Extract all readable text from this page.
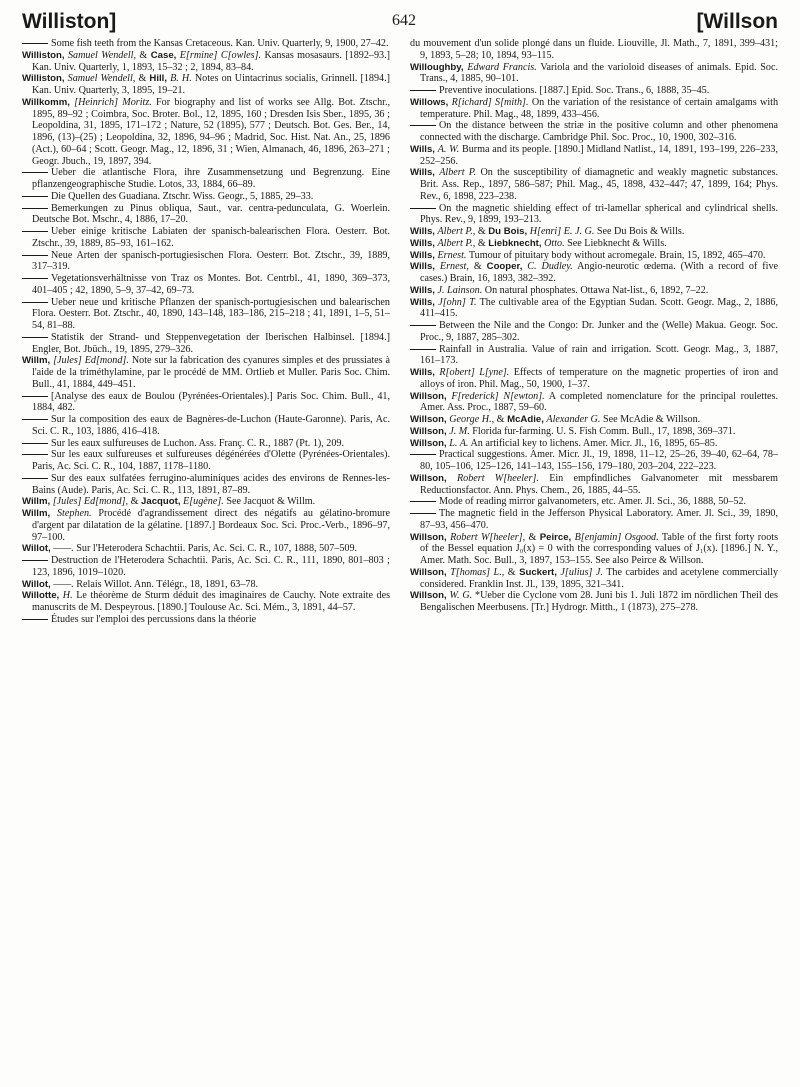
Williston]	642	[Willson

Some fish teeth from the Kansas Cretaceous. Kan. Univ. Quarterly, 9, 1900, 27–42.

Williston, Samuel Wendell, & Case, E[rmine] C[owles]. Kansas mosasaurs. [1892–93.] Kan. Univ. Quarterly, 1, 1893, 15–32 ; 2, 1894, 83–84.

Williston, Samuel Wendell, & Hill, B. H. Notes on Uintacrinus socialis, Grinnell. [1894.] Kan. Univ. Quarterly, 3, 1895, 19–21.

Willkomm, [Heinrich] Moritz. For biography and list of works see Allg. Bot. Ztschr., 1895, 89–92 ; Coimbra, Soc. Broter. Bol., 12, 1895, 160 ; Dresden Isis Sber., 1895, 36 ; Leopoldina, 31, 1895, 171–172 ; Nature, 52 (1895), 577 ; Deutsch. Bot. Ges. Ber., 14, 1896, (13)–(25) ; Leopoldina, 32, 1896, 94–96 ; Madrid, Soc. Hist. Nat. An., 25, 1896 (Act.), 60–64 ; Scott. Geogr. Mag., 12, 1896, 31 ; Wien, Almanach, 46, 1896, 263–271 ; Geogr. Jbuch., 19, 1897, 394.

Ueber die atlantische Flora, ihre Zusammensetzung und Begrenzung. Eine pflanzengeographische Studie. Lotos, 33, 1884, 66–89.

Die Quellen des Guadiana. Ztschr. Wiss. Geogr., 5, 1885, 29–33.

Bemerkungen zu Pinus obliqua, Saut., var. centra-pedunculata, G. Woerlein. Deutsche Bot. Mschr., 4, 1886, 17–20.

Ueber einige kritische Labiaten der spanisch-balearischen Flora. Oesterr. Bot. Ztschr., 39, 1889, 85–93, 161–162.

Neue Arten der spanisch-portugiesischen Flora. Oesterr. Bot. Ztschr., 39, 1889, 317–319.

Vegetationsverhältnisse von Traz os Montes. Bot. Centrbl., 41, 1890, 369–373, 401–405 ; 42, 1890, 5–9, 37–42, 69–73.

Ueber neue und kritische Pflanzen der spanisch-portugiesischen und balearischen Flora. Oesterr. Bot. Ztschr., 40, 1890, 143–148, 183–186, 215–218 ; 41, 1891, 1–5, 51–54, 81–88.

Statistik der Strand- und Steppenvegetation der Iberischen Halbinsel. [1894.] Engler, Bot. Jbüch., 19, 1895, 279–326.

Willm, [Jules] Ed[mond]. Note sur la fabrication des cyanures simples et des prussiates à l'aide de la triméthylamine, par le procédé de MM. Ortlieb et Muller. Paris Soc. Chim. Bull., 41, 1884, 449–451.

[Analyse des eaux de Boulou (Pyrénées-Orientales).] Paris Soc. Chim. Bull., 41, 1884, 482.

Sur la composition des eaux de Bagnères-de-Luchon (Haute-Garonne). Paris, Ac. Sci. C. R., 103, 1886, 416–418.

Sur les eaux sulfureuses de Luchon. Ass. Franç. C. R., 1887 (Pt. 1), 209.

Sur les eaux sulfureuses et sulfureuses dégénérées d'Olette (Pyrénées-Orientales). Paris, Ac. Sci. C. R., 104, 1887, 1178–1180.

Sur des eaux sulfatées ferrugino-aluminiques acides des environs de Rennes-les-Bains (Aude). Paris, Ac. Sci. C. R., 113, 1891, 87–89.

Willm, [Jules] Ed[mond], & Jacquot, E[ugène]. See Jacquot & Willm.

Willm, Stephen. Procédé d'agrandissement direct des négatifs au gélatino-bromure d'argent par dilatation de la gélatine. [1897.] Bordeaux Soc. Sci. Proc.-Verb., 1896–97, 97–100.

Willot, ——. Sur l'Heterodera Schachtii. Paris, Ac. Sci. C. R., 107, 1888, 507–509.

Destruction de l'Heterodera Schachtii. Paris, Ac. Sci. C. R., 111, 1890, 801–803 ; 123, 1896, 1019–1020.

Willot, ——. Relais Willot. Ann. Télégr., 18, 1891, 63–78.

Willotte, H. Le théorème de Sturm déduit des imaginaires de Cauchy. Note extraite des manuscrits de M. Despeyrous. [1890.] Toulouse Ac. Sci. Mém., 3, 1891, 44–57.

Études sur l'emploi des percussions dans la théorie

du mouvement d'un solide plongé dans un fluide. Liouville, Jl. Math., 7, 1891, 399–431; 9, 1893, 5–28; 10, 1894, 93–115.

Willoughby, Edward Francis. Variola and the varioloid diseases of animals. Epid. Soc. Trans., 4, 1885, 90–101.

Preventive inoculations. [1887.] Epid. Soc. Trans., 6, 1888, 35–45.

Willows, R[ichard] S[mith]. On the variation of the resistance of certain amalgams with temperature. Phil. Mag., 48, 1899, 433–456.

On the distance between the striæ in the positive column and other phenomena connected with the discharge. Cambridge Phil. Soc. Proc., 10, 1900, 302–316.

Wills, A. W. Burma and its people. [1890.] Midland Natlist., 14, 1891, 193–199, 226–233, 252–256.

Wills, Albert P. On the susceptibility of diamagnetic and weakly magnetic substances. Brit. Ass. Rep., 1897, 586–587; Phil. Mag., 45, 1898, 432–447; 47, 1899, 164; Phys. Rev., 6, 1898, 223–238.

On the magnetic shielding effect of tri-lamellar spherical and cylindrical shells. Phys. Rev., 9, 1899, 193–213.

Wills, Albert P., & Du Bois, H[enri] E. J. G. See Du Bois & Wills.

Wills, Albert P., & Liebknecht, Otto. See Liebknecht & Wills.

Wills, Ernest. Tumour of pituitary body without acromegale. Brain, 15, 1892, 465–470.

Wills, Ernest, & Cooper, C. Dudley. Angio-neurotic œdema. (With a record of five cases.) Brain, 16, 1893, 382–392.

Wills, J. Lainson. On natural phosphates. Ottawa Nat-list., 6, 1892, 7–22.

Wills, J[ohn] T. The cultivable area of the Egyptian Sudan. Scott. Geogr. Mag., 2, 1886, 411–415.

Between the Nile and the Congo: Dr. Junker and the (Welle) Makua. Geogr. Soc. Proc., 9, 1887, 285–302.

Rainfall in Australia. Value of rain and irrigation. Scott. Geogr. Mag., 3, 1887, 161–173.

Wills, R[obert] L[yne]. Effects of temperature on the magnetic properties of iron and alloys of iron. Phil. Mag., 50, 1900, 1–37.

Willson, F[rederick] N[ewton]. A completed nomenclature for the principal roulettes. Amer. Ass. Proc., 1887, 59–60.

Willson, George H., & McAdie, Alexander G. See McAdie & Willson.

Willson, J. M. Florida fur-farming. U. S. Fish Comm. Bull., 17, 1898, 369–371.

Willson, L. A. An artificial key to lichens. Amer. Micr. Jl., 16, 1895, 65–85.

Practical suggestions. Amer. Micr. Jl., 19, 1898, 11–12, 25–26, 39–40, 62–64, 78–80, 105–106, 125–126, 141–143, 155–156, 179–180, 203–204, 222–223.

Willson, Robert W[heeler]. Ein empfindliches Galvanometer mit messbarem Reductionsfactor. Ann. Phys. Chem., 26, 1885, 44–55.

Mode of reading mirror galvanometers, etc. Amer. Jl. Sci., 36, 1888, 50–52.

The magnetic field in the Jefferson Physical Laboratory. Amer. Jl. Sci., 39, 1890, 87–93, 456–470.

Willson, Robert W[heeler], & Peirce, B[enjamin] Osgood. Table of the first forty roots of the Bessel equation J₀(x) = 0 with the corresponding values of J₁(x). [1896.] N. Y., Amer. Math. Soc. Bull., 3, 1897, 153–155. See also Peirce & Willson.

Willson, T[homas] L., & Suckert, J[ulius] J. The carbides and acetylene commercially considered. Franklin Inst. Jl., 139, 1895, 321–341.

Willson, W. G. *Ueber die Cyclone vom 28. Juni bis 1. Juli 1872 im nördlichen Theil des Bengalischen Meerbusens. [Tr.] Hydrogr. Mitth., 1 (1873), 275–278.
